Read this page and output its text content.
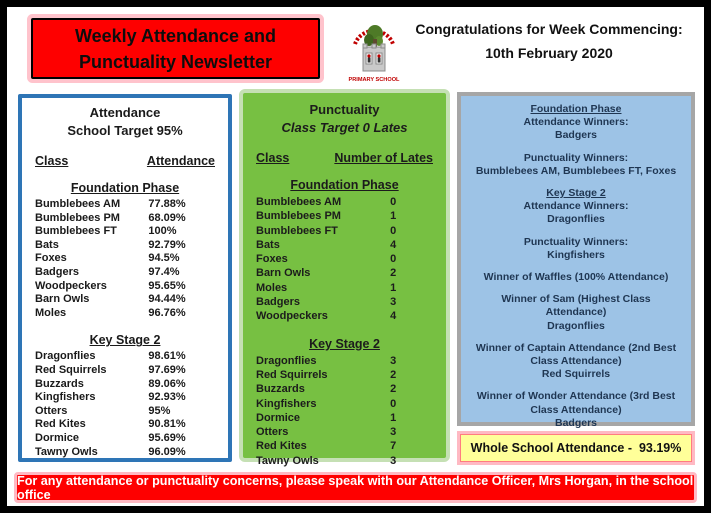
Weekly Attendance and
Punctuality Newsletter
PRIMARY SCHOOL
Congratulations for Week Commencing:
10th February 2020
Attendance
School Target 95%
Class	Attendance
Foundation Phase
Bumblebees AM	77.88%
Bumblebees PM	68.09%
Bumblebees FT	100%
Bats	92.79%
Foxes	94.5%
Badgers	97.4%
Woodpeckers	95.65%
Barn Owls	94.44%
Moles	96.76%
Key Stage 2
Dragonflies	98.61%
Red Squirrels	97.69%
Buzzards	89.06%
Kingfishers	92.93%
Otters	95%
Red Kites	90.81%
Dormice	95.69%
Tawny Owls	96.09%
Punctuality
Class Target 0 Lates
Class	Number of Lates
Foundation Phase
Bumblebees AM	0
Bumblebees PM	1
Bumblebees FT	0
Bats	4
Foxes	0
Barn Owls	2
Moles	1
Badgers	3
Woodpeckers	4
Key Stage 2
Dragonflies	3
Red Squirrels	2
Buzzards	2
Kingfishers	0
Dormice	1
Otters	3
Red Kites	7
Tawny Owls	3
Foundation Phase
Attendance Winners:
Badgers
Punctuality Winners:
Bumblebees AM, Bumblebees FT, Foxes
Key Stage 2
Attendance Winners:
Dragonflies
Punctuality Winners:
Kingfishers
Winner of Waffles (100% Attendance)
Winner of Sam (Highest Class Attendance)
Dragonflies
Winner of Captain Attendance (2nd Best Class Attendance)
Red Squirrels
Winner of Wonder Attendance (3rd Best Class Attendance)
Badgers
Whole School Attendance -  93.19%
For any attendance or punctuality concerns, please speak with our Attendance Officer, Mrs Horgan, in the school office
